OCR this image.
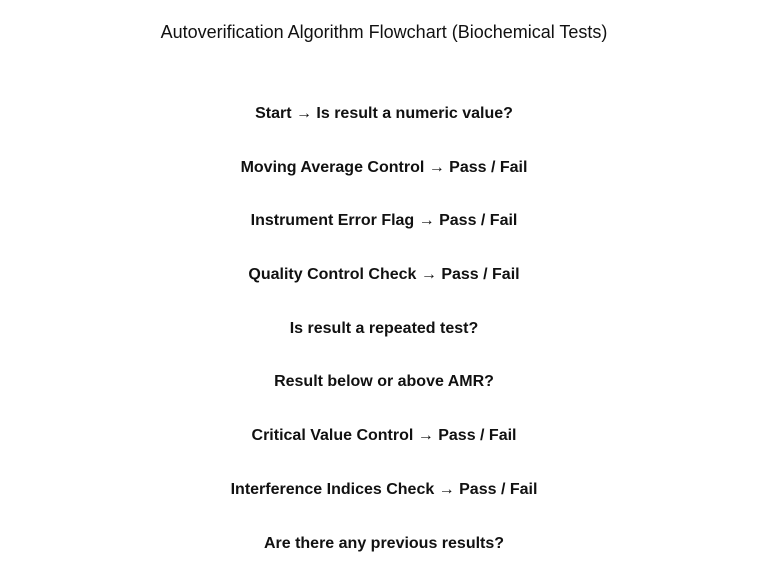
Autoverification Algorithm Flowchart (Biochemical Tests)
Start → Is result a numeric value?
Moving Average Control → Pass / Fail
Instrument Error Flag → Pass / Fail
Quality Control Check → Pass / Fail
Is result a repeated test?
Result below or above AMR?
Critical Value Control → Pass / Fail
Interference Indices Check → Pass / Fail
Are there any previous results?
